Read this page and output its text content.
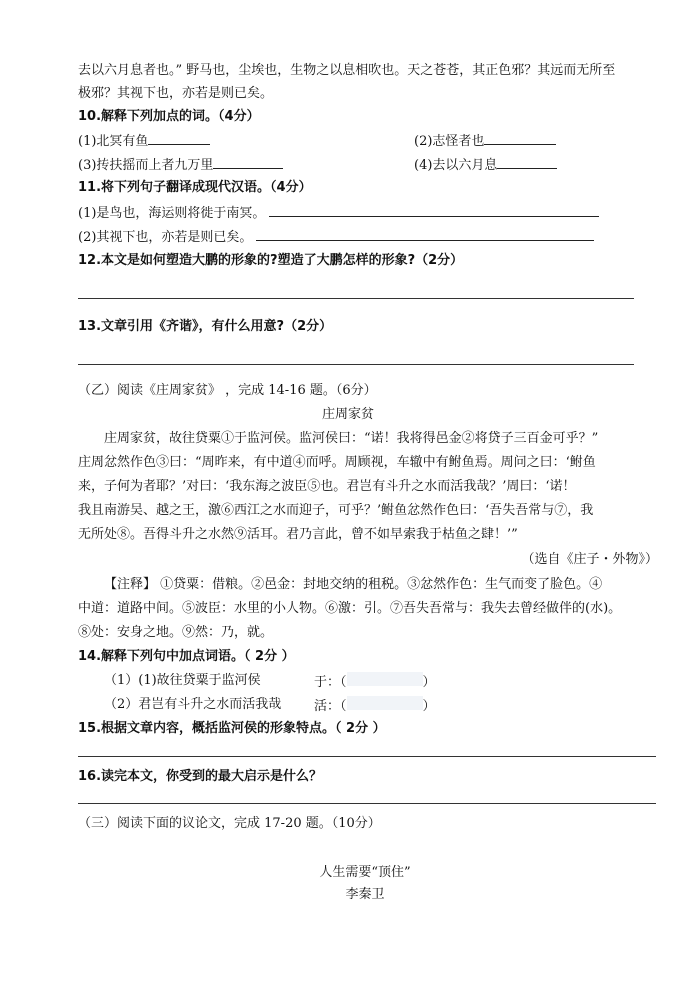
去以六月息者也。” 野马也，尘埃也，生物之以息相吹也。天之苍苍，其正色邪？其远而无所至
极邪？其视下也，亦若是则已矣。
10.解释下列加点的词。（4分）
(1)北冥有鱼	(2)志怪者也
(3)抟扶摇而上者九万里	(4)去以六月息
11.将下列句子翻译成现代汉语。（4分）
(1)是鸟也，海运则将徙于南冥。
(2)其视下也，亦若是则已矣。
12.本文是如何塑造大鹏的形象的?塑造了大鹏怎样的形象?（2分）
13.文章引用《齐谐》，有什么用意?（2分）
（乙）阅读《庄周家贫》 ，完成 14-16 题。（6分）
庄周家贫
庄周家贫，故往贷粟①于监河侯。监河侯曰：“诺！我将得邑金②将贷子三百金可乎？”
庄周忿然作色③曰：“周昨来，有中道④而呼。周顾视，车辙中有鲋鱼焉。周问之曰：‘鲋鱼
来，子何为者耶？’对曰：‘我东海之波臣⑤也。君岂有斗升之水而活我哉？’周曰：‘诺！
我且南游吴、越之王，激⑥西江之水而迎子，可乎？’鲋鱼忿然作色曰：‘吾失吾常与⑦，我
无所处⑧。吾得斗升之水然⑨活耳。君乃言此，曾不如早索我于枯鱼之肆！’”
（选自《庄子・外物》）
【注释】 ①贷粟：借粮。②邑金：封地交纳的租税。③忿然作色：生气而变了脸色。④
中道：道路中间。⑤波臣：水里的小人物。⑥激：引。⑦吾失吾常与：我失去曾经做伴的(水)。
⑧处：安身之地。⑨然：乃，就。
14.解释下列句中加点词语。（ 2分 ）
（1）(1)故往贷粟于监河侯	于：（	）
（2）君岂有斗升之水而活我哉	活：（	）
15.根据文章内容，概括监河侯的形象特点。（ 2分 ）
16.读完本文，你受到的最大启示是什么？
（三）阅读下面的议论文，完成 17-20 题。（10分）
人生需要“顶住”
李秦卫
